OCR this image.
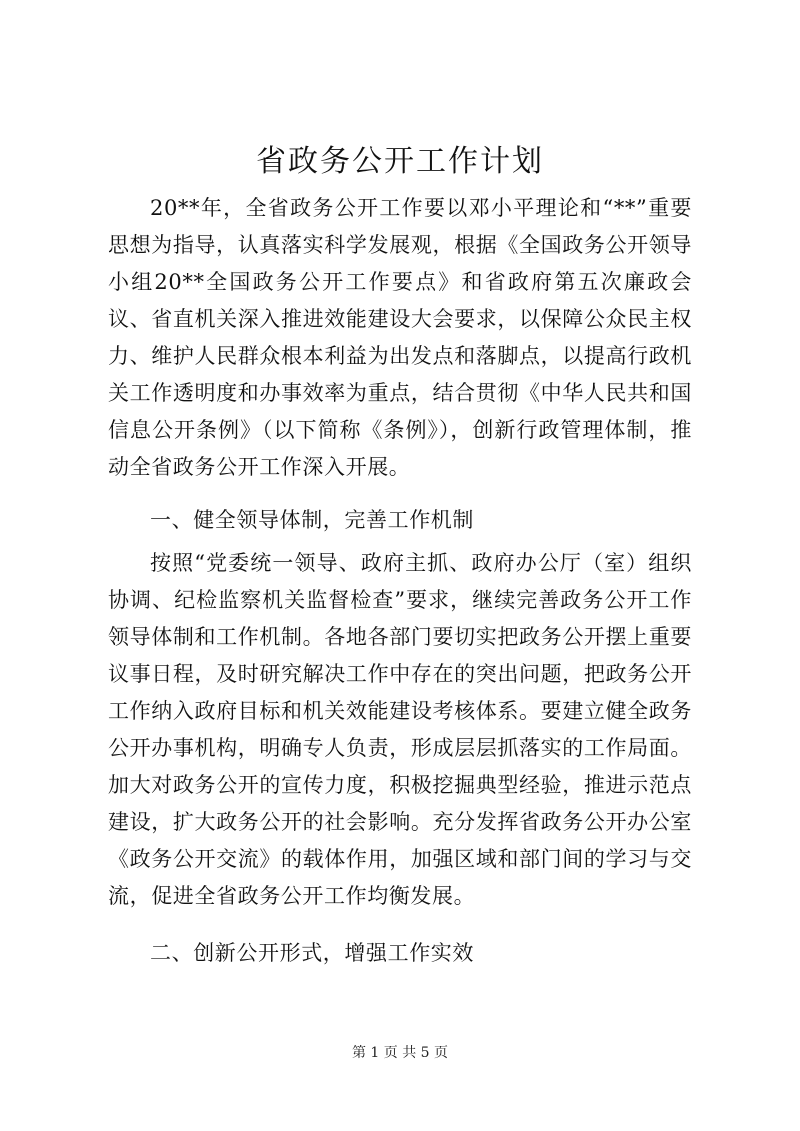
省政务公开工作计划

20**年，全省政务公开工作要以邓小平理论和“**”重要思想为指导，认真落实科学发展观，根据《全国政务公开领导小组20**全国政务公开工作要点》和省政府第五次廉政会议、省直机关深入推进效能建设大会要求，以保障公众民主权力、维护人民群众根本利益为出发点和落脚点，以提高行政机关工作透明度和办事效率为重点，结合贯彻《中华人民共和国信息公开条例》（以下简称《条例》），创新行政管理体制，推动全省政务公开工作深入开展。

一、健全领导体制，完善工作机制

按照“党委统一领导、政府主抓、政府办公厅（室）组织协调、纪检监察机关监督检查”要求，继续完善政务公开工作领导体制和工作机制。各地各部门要切实把政务公开摆上重要议事日程，及时研究解决工作中存在的突出问题，把政务公开工作纳入政府目标和机关效能建设考核体系。要建立健全政务公开办事机构，明确专人负责，形成层层抓落实的工作局面。加大对政务公开的宣传力度，积极挖掘典型经验，推进示范点建设，扩大政务公开的社会影响。充分发挥省政务公开办公室《政务公开交流》的载体作用，加强区域和部门间的学习与交流，促进全省政务公开工作均衡发展。

二、创新公开形式，增强工作实效

第 1 页 共 5 页
